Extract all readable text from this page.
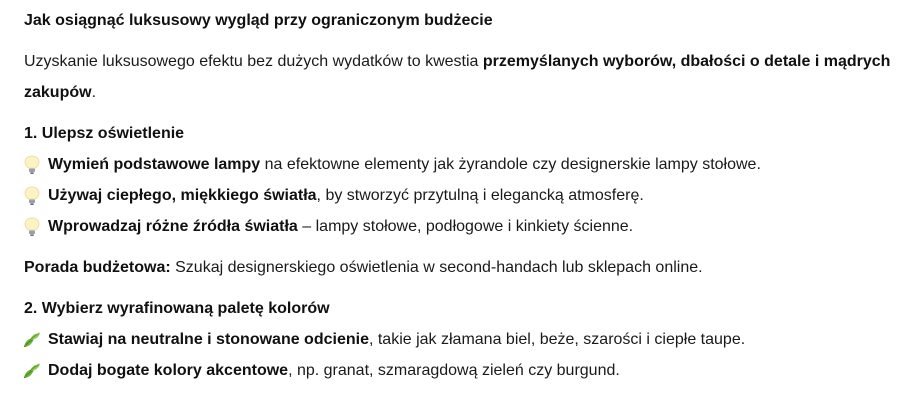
Jak osiągnąć luksusowy wygląd przy ograniczonym budżecie

Uzyskanie luksusowego efektu bez dużych wydatków to kwestia przemyślanych wyborów, dbałości o detale i mądrych zakupów.

1. Ulepsz oświetlenie
Wymień podstawowe lampy na efektowne elementy jak żyrandole czy designerskie lampy stołowe.
Używaj ciepłego, miękkiego światła, by stworzyć przytulną i elegancką atmosferę.
Wprowadzaj różne źródła światła – lampy stołowe, podłogowe i kinkiety ścienne.
Porada budżetowa: Szukaj designerskiego oświetlenia w second-handach lub sklepach online.
2. Wybierz wyrafinowaną paletę kolorów
Stawiaj na neutralne i stonowane odcienie, takie jak złamana biel, beże, szarości i ciepłe taupe.
Dodaj bogate kolory akcentowe, np. granat, szmaragdową zieleń czy burgund.
